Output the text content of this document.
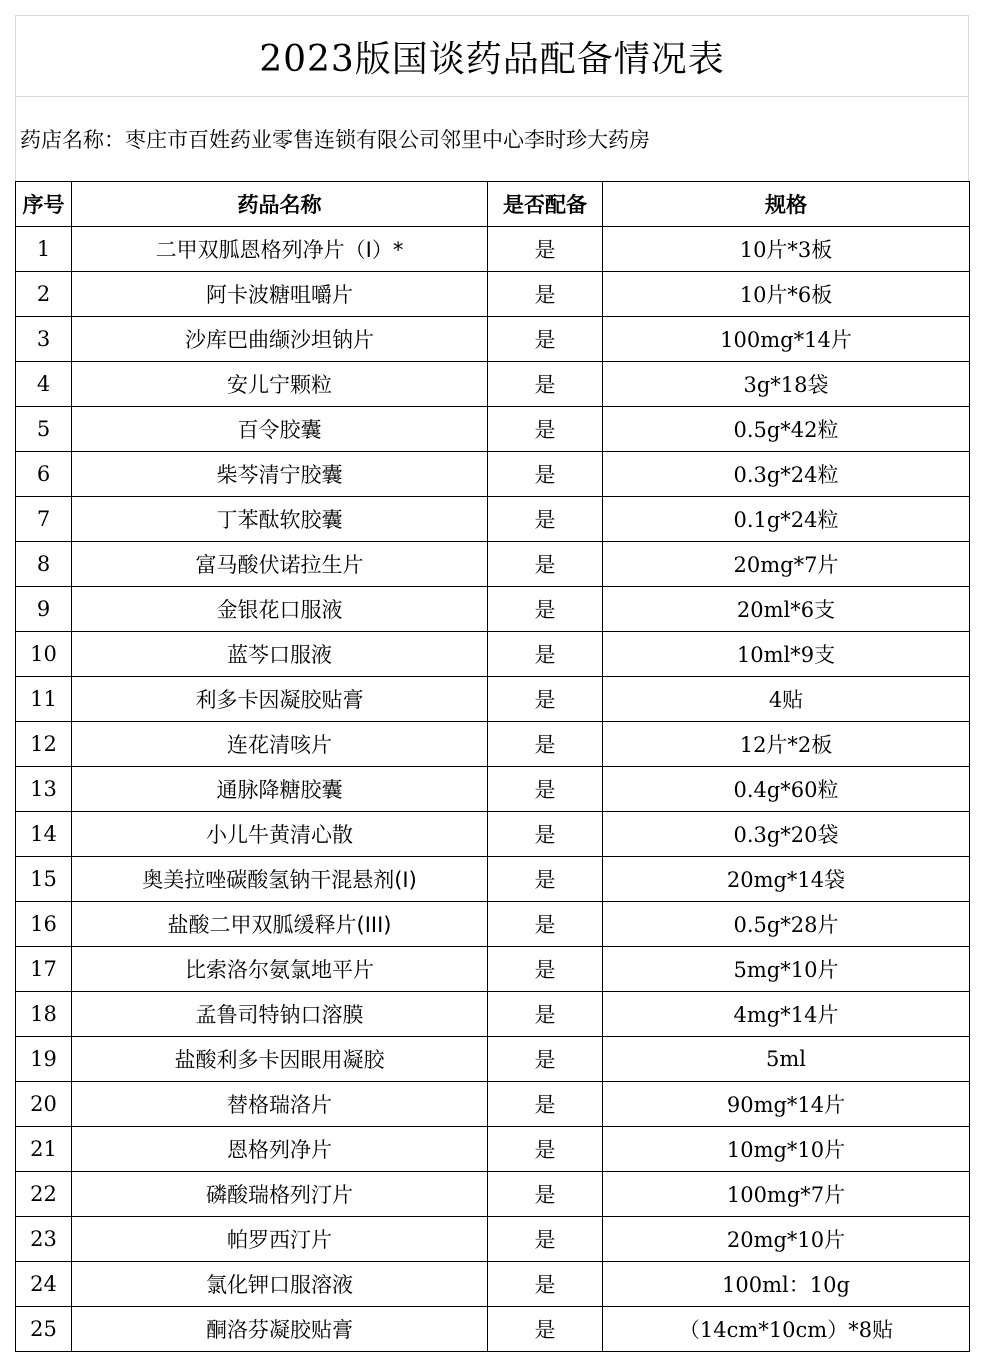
2023版国谈药品配备情况表
药店名称：枣庄市百姓药业零售连锁有限公司邻里中心李时珍大药房
序号	药品名称	是否配备	规格
1	二甲双胍恩格列净片（Ⅰ）*	是	10片*3板
2	阿卡波糖咀嚼片	是	10片*6板
3	沙库巴曲缬沙坦钠片	是	100mg*14片
4	安儿宁颗粒	是	3g*18袋
5	百令胶囊	是	0.5g*42粒
6	柴芩清宁胶囊	是	0.3g*24粒
7	丁苯酞软胶囊	是	0.1g*24粒
8	富马酸伏诺拉生片	是	20mg*7片
9	金银花口服液	是	20ml*6支
10	蓝芩口服液	是	10ml*9支
11	利多卡因凝胶贴膏	是	4贴
12	连花清咳片	是	12片*2板
13	通脉降糖胶囊	是	0.4g*60粒
14	小儿牛黄清心散	是	0.3g*20袋
15	奥美拉唑碳酸氢钠干混悬剂(I)	是	20mg*14袋
16	盐酸二甲双胍缓释片(III)	是	0.5g*28片
17	比索洛尔氨氯地平片	是	5mg*10片
18	孟鲁司特钠口溶膜	是	4mg*14片
19	盐酸利多卡因眼用凝胶	是	5ml
20	替格瑞洛片	是	90mg*14片
21	恩格列净片	是	10mg*10片
22	磷酸瑞格列汀片	是	100mg*7片
23	帕罗西汀片	是	20mg*10片
24	氯化钾口服溶液	是	100ml：10g
25	酮洛芬凝胶贴膏	是	（14cm*10cm）*8贴
